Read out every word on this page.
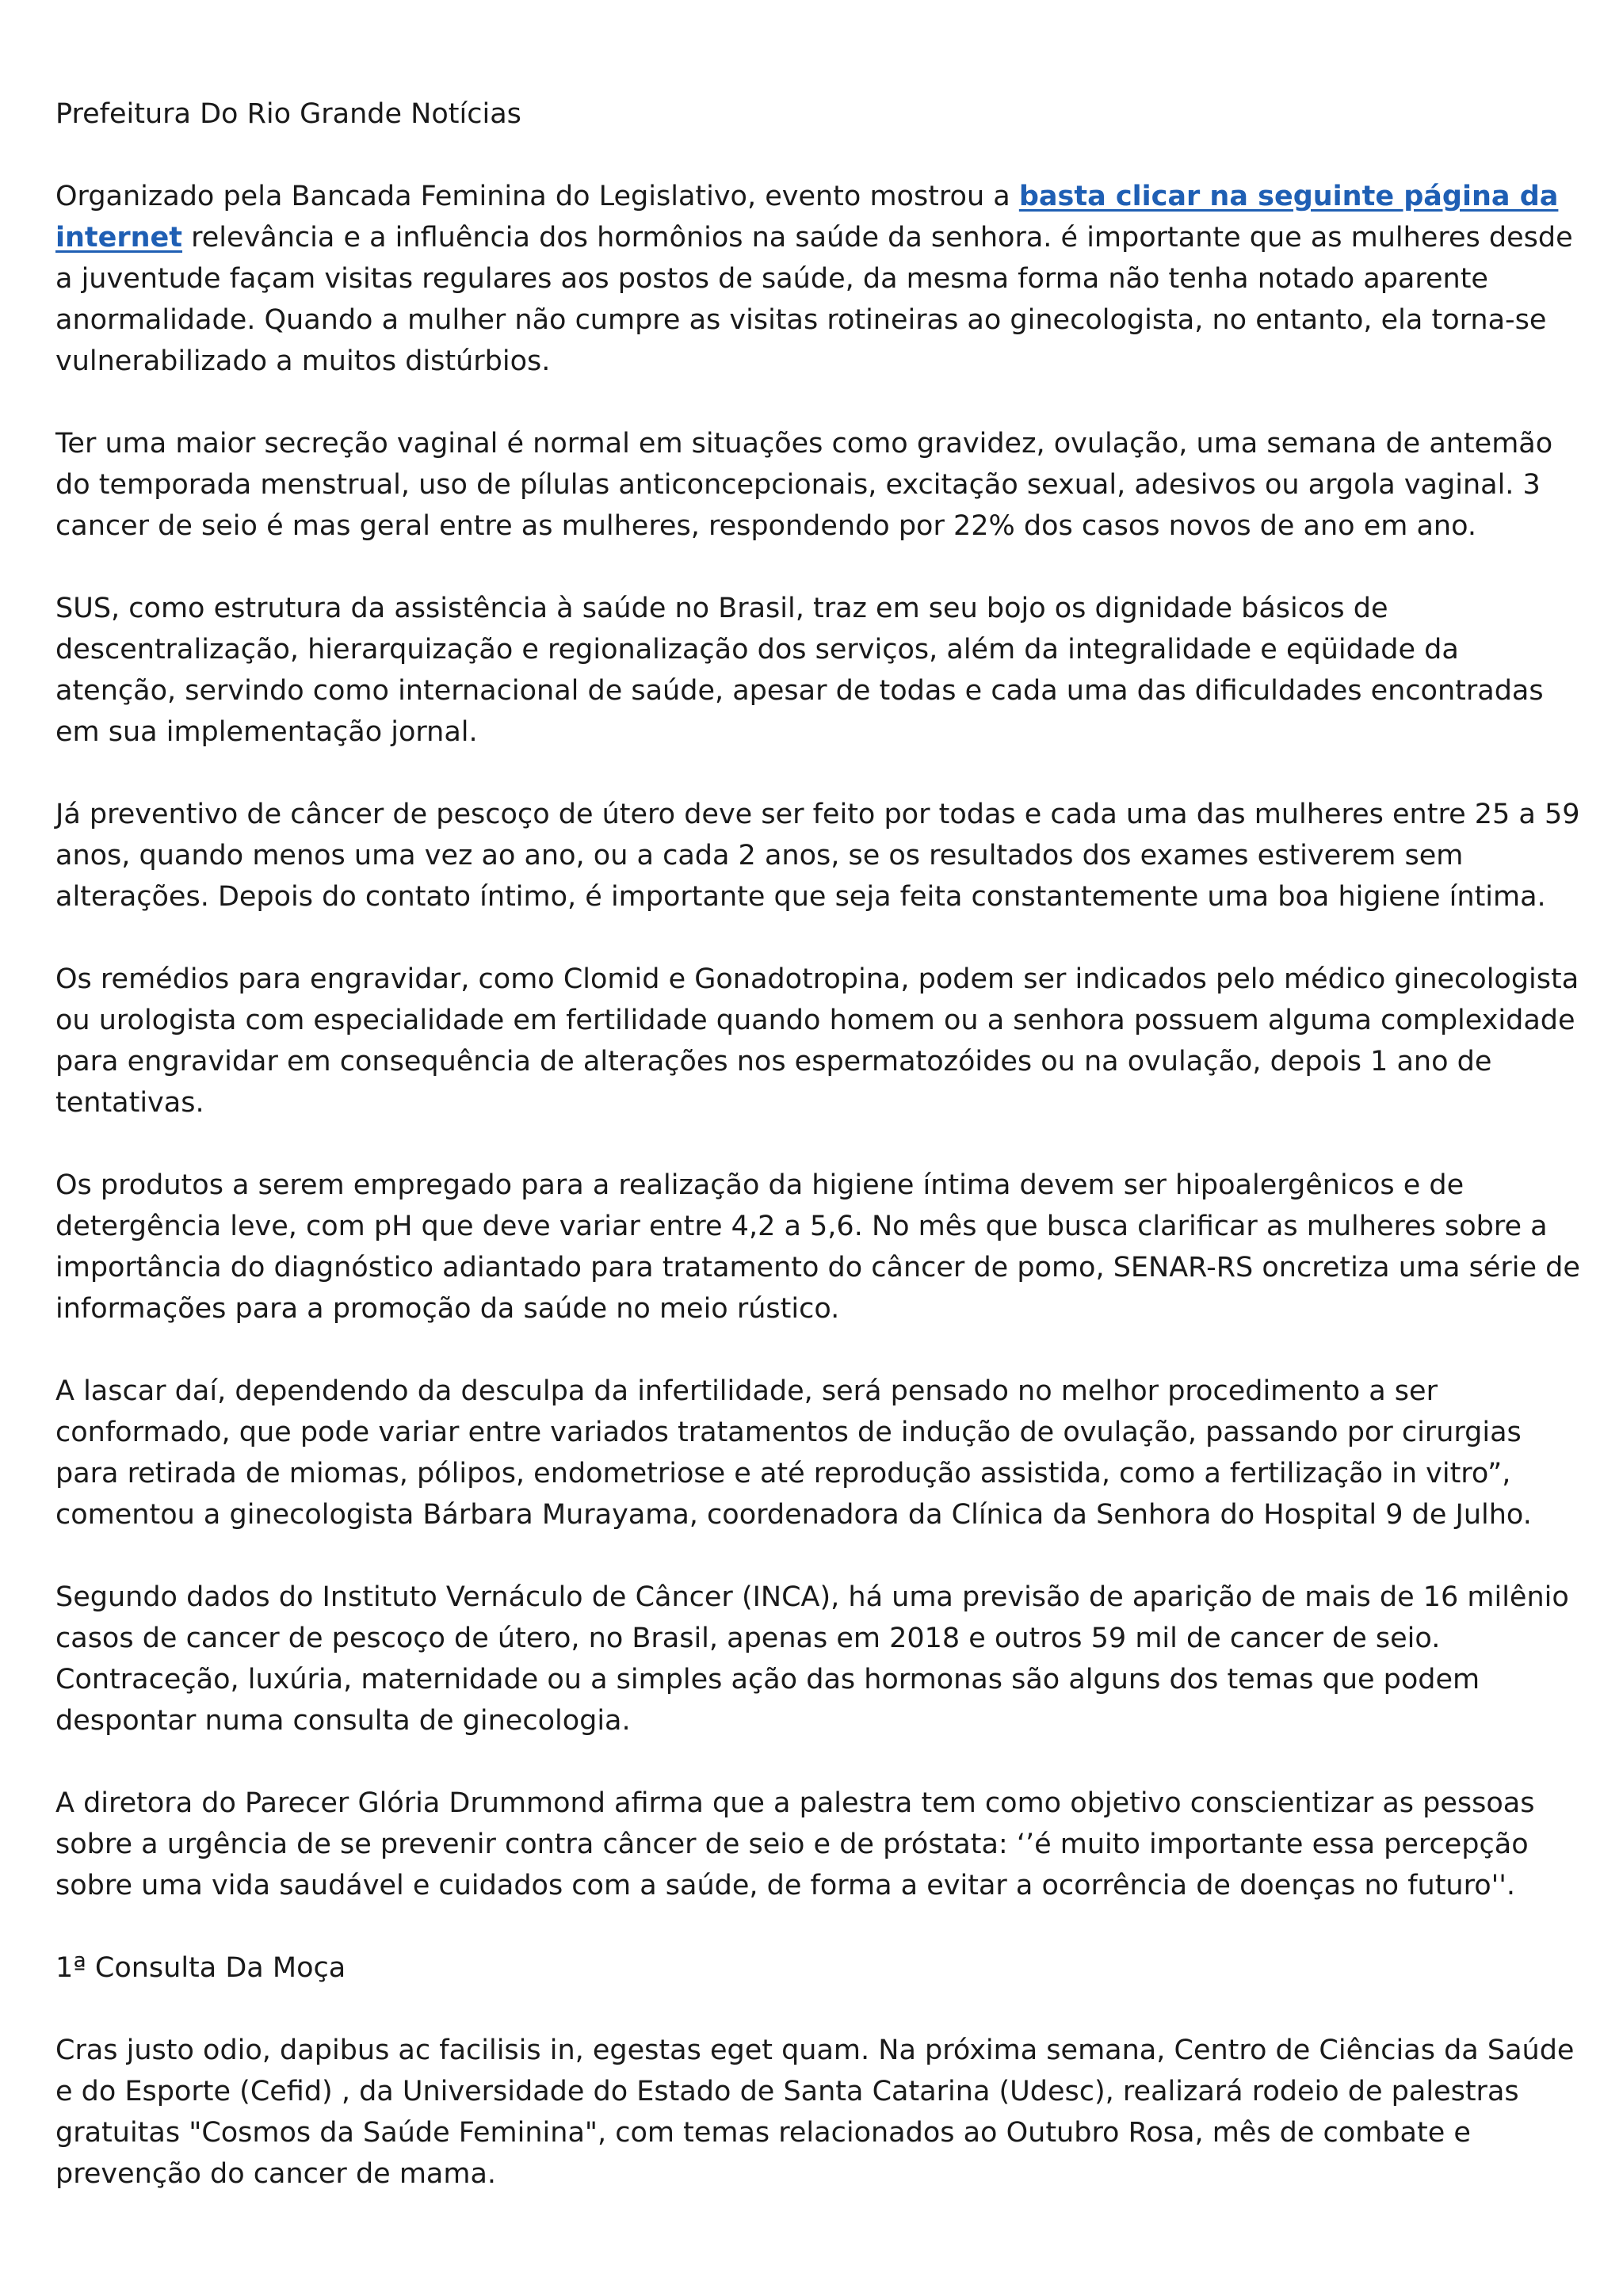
Prefeitura Do Rio Grande Notícias

Organizado pela Bancada Feminina do Legislativo, evento mostrou a basta clicar na seguinte página da internet relevância e a influência dos hormônios na saúde da senhora. é importante que as mulheres desde a juventude façam visitas regulares aos postos de saúde, da mesma forma não tenha notado aparente anormalidade. Quando a mulher não cumpre as visitas rotineiras ao ginecologista, no entanto, ela torna-se vulnerabilizado a muitos distúrbios.

Ter uma maior secreção vaginal é normal em situações como gravidez, ovulação, uma semana de antemão do temporada menstrual, uso de pílulas anticoncepcionais, excitação sexual, adesivos ou argola vaginal. 3 cancer de seio é mas geral entre as mulheres, respondendo por 22% dos casos novos de ano em ano.

SUS, como estrutura da assistência à saúde no Brasil, traz em seu bojo os dignidade básicos de descentralização, hierarquização e regionalização dos serviços, além da integralidade e eqüidade da atenção, servindo como internacional de saúde, apesar de todas e cada uma das dificuldades encontradas em sua implementação jornal.

Já preventivo de câncer de pescoço de útero deve ser feito por todas e cada uma das mulheres entre 25 a 59 anos, quando menos uma vez ao ano, ou a cada 2 anos, se os resultados dos exames estiverem sem alterações. Depois do contato íntimo, é importante que seja feita constantemente uma boa higiene íntima.

Os remédios para engravidar, como Clomid e Gonadotropina, podem ser indicados pelo médico ginecologista ou urologista com especialidade em fertilidade quando homem ou a senhora possuem alguma complexidade para engravidar em consequência de alterações nos espermatozóides ou na ovulação, depois 1 ano de tentativas.

Os produtos a serem empregado para a realização da higiene íntima devem ser hipoalergênicos e de detergência leve, com pH que deve variar entre 4,2 a 5,6. No mês que busca clarificar as mulheres sobre a importância do diagnóstico adiantado para tratamento do câncer de pomo, SENAR-RS oncretiza uma série de informações para a promoção da saúde no meio rústico.

A lascar daí, dependendo da desculpa da infertilidade, será pensado no melhor procedimento a ser conformado, que pode variar entre variados tratamentos de indução de ovulação, passando por cirurgias para retirada de miomas, pólipos, endometriose e até reprodução assistida, como a fertilização in vitro”, comentou a ginecologista Bárbara Murayama, coordenadora da Clínica da Senhora do Hospital 9 de Julho.

Segundo dados do Instituto Vernáculo de Câncer (INCA), há uma previsão de aparição de mais de 16 milênio casos de cancer de pescoço de útero, no Brasil, apenas em 2018 e outros 59 mil de cancer de seio. Contraceção, luxúria, maternidade ou a simples ação das hormonas são alguns dos temas que podem despontar numa consulta de ginecologia.

A diretora do Parecer Glória Drummond afirma que a palestra tem como objetivo conscientizar as pessoas sobre a urgência de se prevenir contra câncer de seio e de próstata: ‘’é muito importante essa percepção sobre uma vida saudável e cuidados com a saúde, de forma a evitar a ocorrência de doenças no futuro''.

1ª Consulta Da Moça

Cras justo odio, dapibus ac facilisis in, egestas eget quam. Na próxima semana, Centro de Ciências da Saúde e do Esporte (Cefid) , da Universidade do Estado de Santa Catarina (Udesc), realizará rodeio de palestras gratuitas "Cosmos da Saúde Feminina", com temas relacionados ao Outubro Rosa, mês de combate e prevenção do cancer de mama.
